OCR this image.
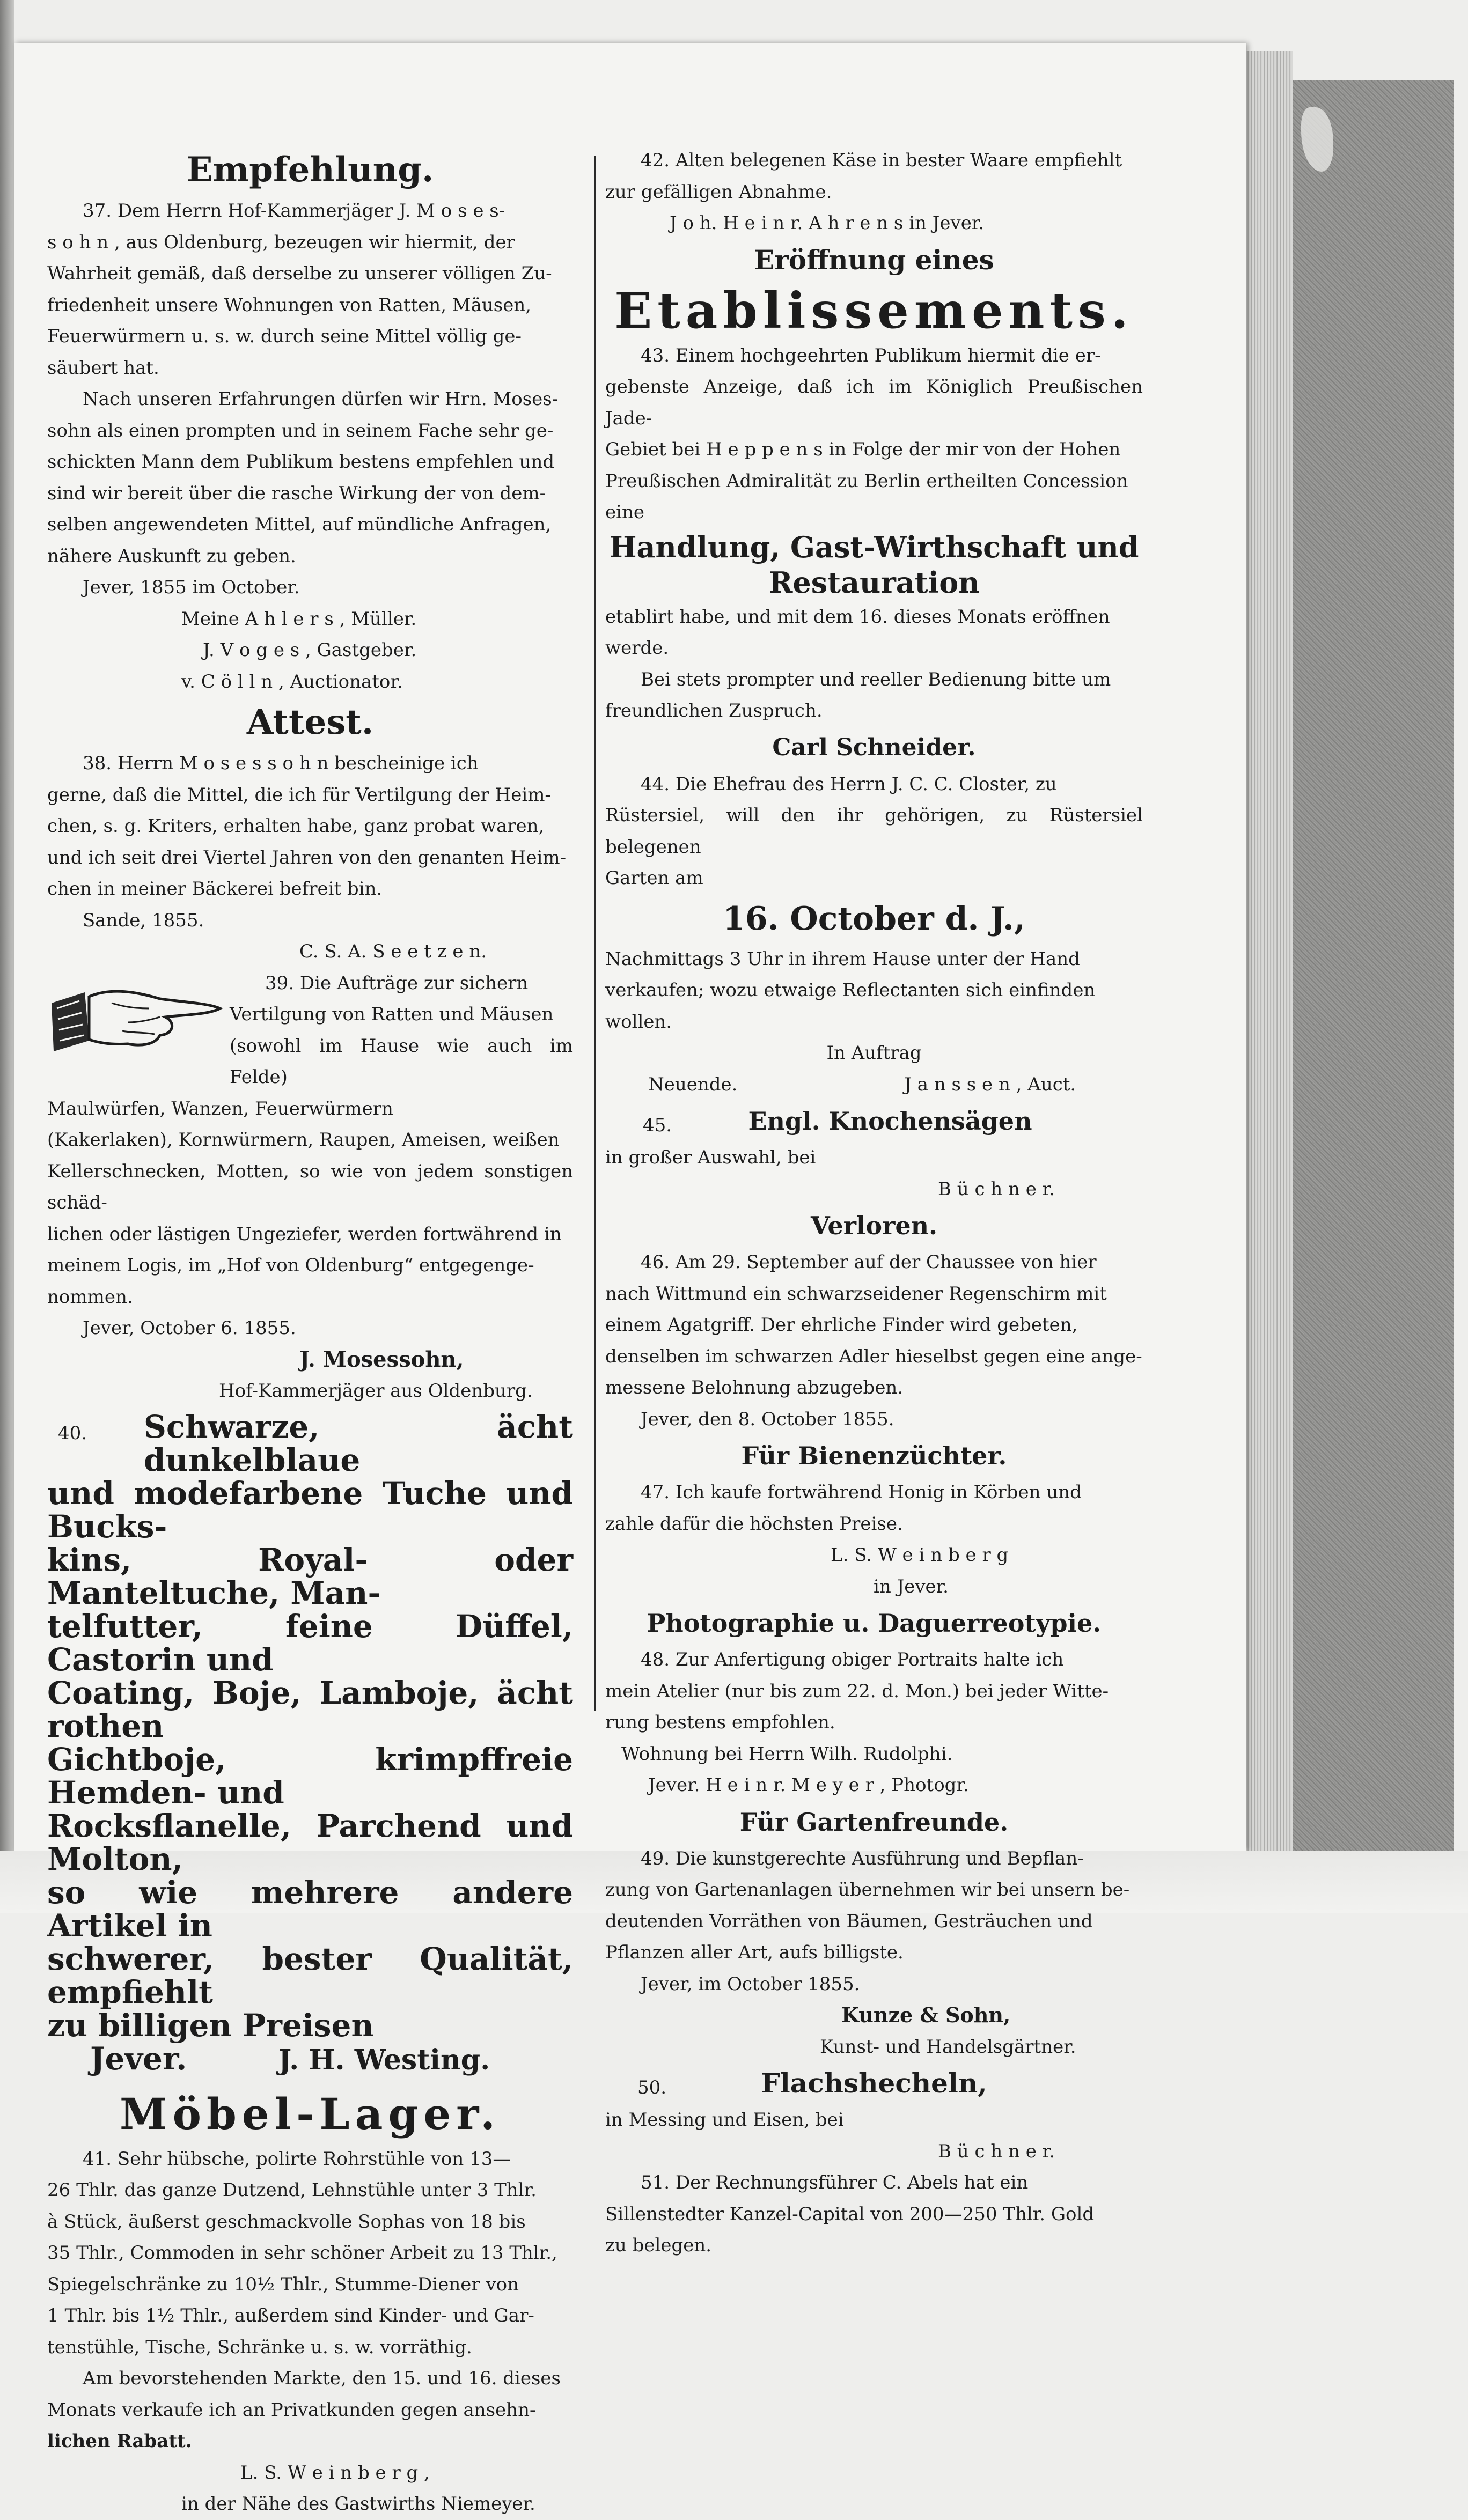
Empfehlung.

37. Dem Herrn Hof-Kammerjäger J. M o s e s-

s o h n , aus Oldenburg, bezeugen wir hiermit, der

Wahrheit gemäß, daß derselbe zu unserer völligen Zu-

friedenheit unsere Wohnungen von Ratten, Mäusen,

Feuerwürmern u. s. w. durch seine Mittel völlig ge-

säubert hat.

Nach unseren Erfahrungen dürfen wir Hrn. Moses-

sohn als einen prompten und in seinem Fache sehr ge-

schickten Mann dem Publikum bestens empfehlen und

sind wir bereit über die rasche Wirkung der von dem-

selben angewendeten Mittel, auf mündliche Anfragen,

nähere Auskunft zu geben.

Jever, 1855 im October.

Meine A h l e r s , Müller.

J. V o g e s , Gastgeber.

v. C ö l l n , Auctionator.

Attest.

38. Herrn M o s e s s o h n bescheinige ich

gerne, daß die Mittel, die ich für Vertilgung der Heim-

chen, s. g. Kriters, erhalten habe, ganz probat waren,

und ich seit drei Viertel Jahren von den genanten Heim-

chen in meiner Bäckerei befreit bin.

Sande, 1855.

C. S. A. S e e t z e n.

39. Die Aufträge zur sichern

Vertilgung von Ratten und Mäusen

(sowohl im Hause wie auch im Felde)

Maulwürfen, Wanzen, Feuerwürmern

(Kakerlaken), Kornwürmern, Raupen, Ameisen, weißen

Kellerschnecken, Motten, so wie von jedem sonstigen schäd-

lichen oder lästigen Ungeziefer, werden fortwährend in

meinem Logis, im „Hof von Oldenburg“ entgegenge-

nommen.

Jever, October 6. 1855.

J. Mosessohn,

Hof-Kammerjäger aus Oldenburg.

40.	Schwarze, ächt dunkelblaue

und modefarbene Tuche und Bucks-

kins, Royal- oder Manteltuche, Man-

telfutter, feine Düffel, Castorin und

Coating, Boje, Lamboje, ächt rothen

Gichtboje, krimpffreie Hemden- und

Rocksflanelle, Parchend und Molton,

so wie mehrere andere Artikel in

schwerer, bester Qualität, empfiehlt

zu billigen Preisen

Jever.	J. H. Westing.

Möbel-Lager.

41. Sehr hübsche, polirte Rohrstühle von 13—

26 Thlr. das ganze Dutzend, Lehnstühle unter 3 Thlr.

à Stück, äußerst geschmackvolle Sophas von 18 bis

35 Thlr., Commoden in sehr schöner Arbeit zu 13 Thlr.,

Spiegelschränke zu 10½ Thlr., Stumme-Diener von

1 Thlr. bis 1½ Thlr., außerdem sind Kinder- und Gar-

tenstühle, Tische, Schränke u. s. w. vorräthig.

Am bevorstehenden Markte, den 15. und 16. dieses

Monats verkaufe ich an Privatkunden gegen ansehn-

lichen Rabatt.

L. S. W e i n b e r g ,

in der Nähe des Gastwirths Niemeyer.

42. Alten belegenen Käse in bester Waare empfiehlt

zur gefälligen Abnahme.

J o h. H e i n r. A h r e n s in Jever.

Eröffnung eines
Etablissements.

43. Einem hochgeehrten Publikum hiermit die er-

gebenste Anzeige, daß ich im Königlich Preußischen Jade-

Gebiet bei H e p p e n s in Folge der mir von der Hohen

Preußischen Admiralität zu Berlin ertheilten Concession

eine

Handlung, Gast-Wirthschaft und
Restauration

etablirt habe, und mit dem 16. dieses Monats eröffnen

werde.

Bei stets prompter und reeller Bedienung bitte um

freundlichen Zuspruch.

Carl Schneider.

44. Die Ehefrau des Herrn J. C. C. Closter, zu

Rüstersiel, will den ihr gehörigen, zu Rüstersiel belegenen

Garten am

16. October d. J.,

Nachmittags 3 Uhr in ihrem Hause unter der Hand

verkaufen; wozu etwaige Reflectanten sich einfinden

wollen.

In Auftrag

Neuende.	J a n s s e n , Auct.

45.	Engl. Knochensägen

in großer Auswahl, bei

B ü c h n e r.

Verloren.

46. Am 29. September auf der Chaussee von hier

nach Wittmund ein schwarzseidener Regenschirm mit

einem Agatgriff. Der ehrliche Finder wird gebeten,

denselben im schwarzen Adler hieselbst gegen eine ange-

messene Belohnung abzugeben.

Jever, den 8. October 1855.

Für Bienenzüchter.

47. Ich kaufe fortwährend Honig in Körben und

zahle dafür die höchsten Preise.

L. S. W e i n b e r g

in Jever.

Photographie u. Daguerreotypie.

48. Zur Anfertigung obiger Portraits halte ich

mein Atelier (nur bis zum 22. d. Mon.) bei jeder Witte-

rung bestens empfohlen.

Wohnung bei Herrn Wilh. Rudolphi.

Jever. H e i n r. M e y e r , Photogr.

Für Gartenfreunde.

49. Die kunstgerechte Ausführung und Bepflan-

zung von Gartenanlagen übernehmen wir bei unsern be-

deutenden Vorräthen von Bäumen, Gesträuchen und

Pflanzen aller Art, aufs billigste.

Jever, im October 1855.

Kunze & Sohn,

Kunst- und Handelsgärtner.

50.	Flachshecheln,

in Messing und Eisen, bei

B ü c h n e r.

51. Der Rechnungsführer C. Abels hat ein

Sillenstedter Kanzel-Capital von 200—250 Thlr. Gold

zu belegen.
